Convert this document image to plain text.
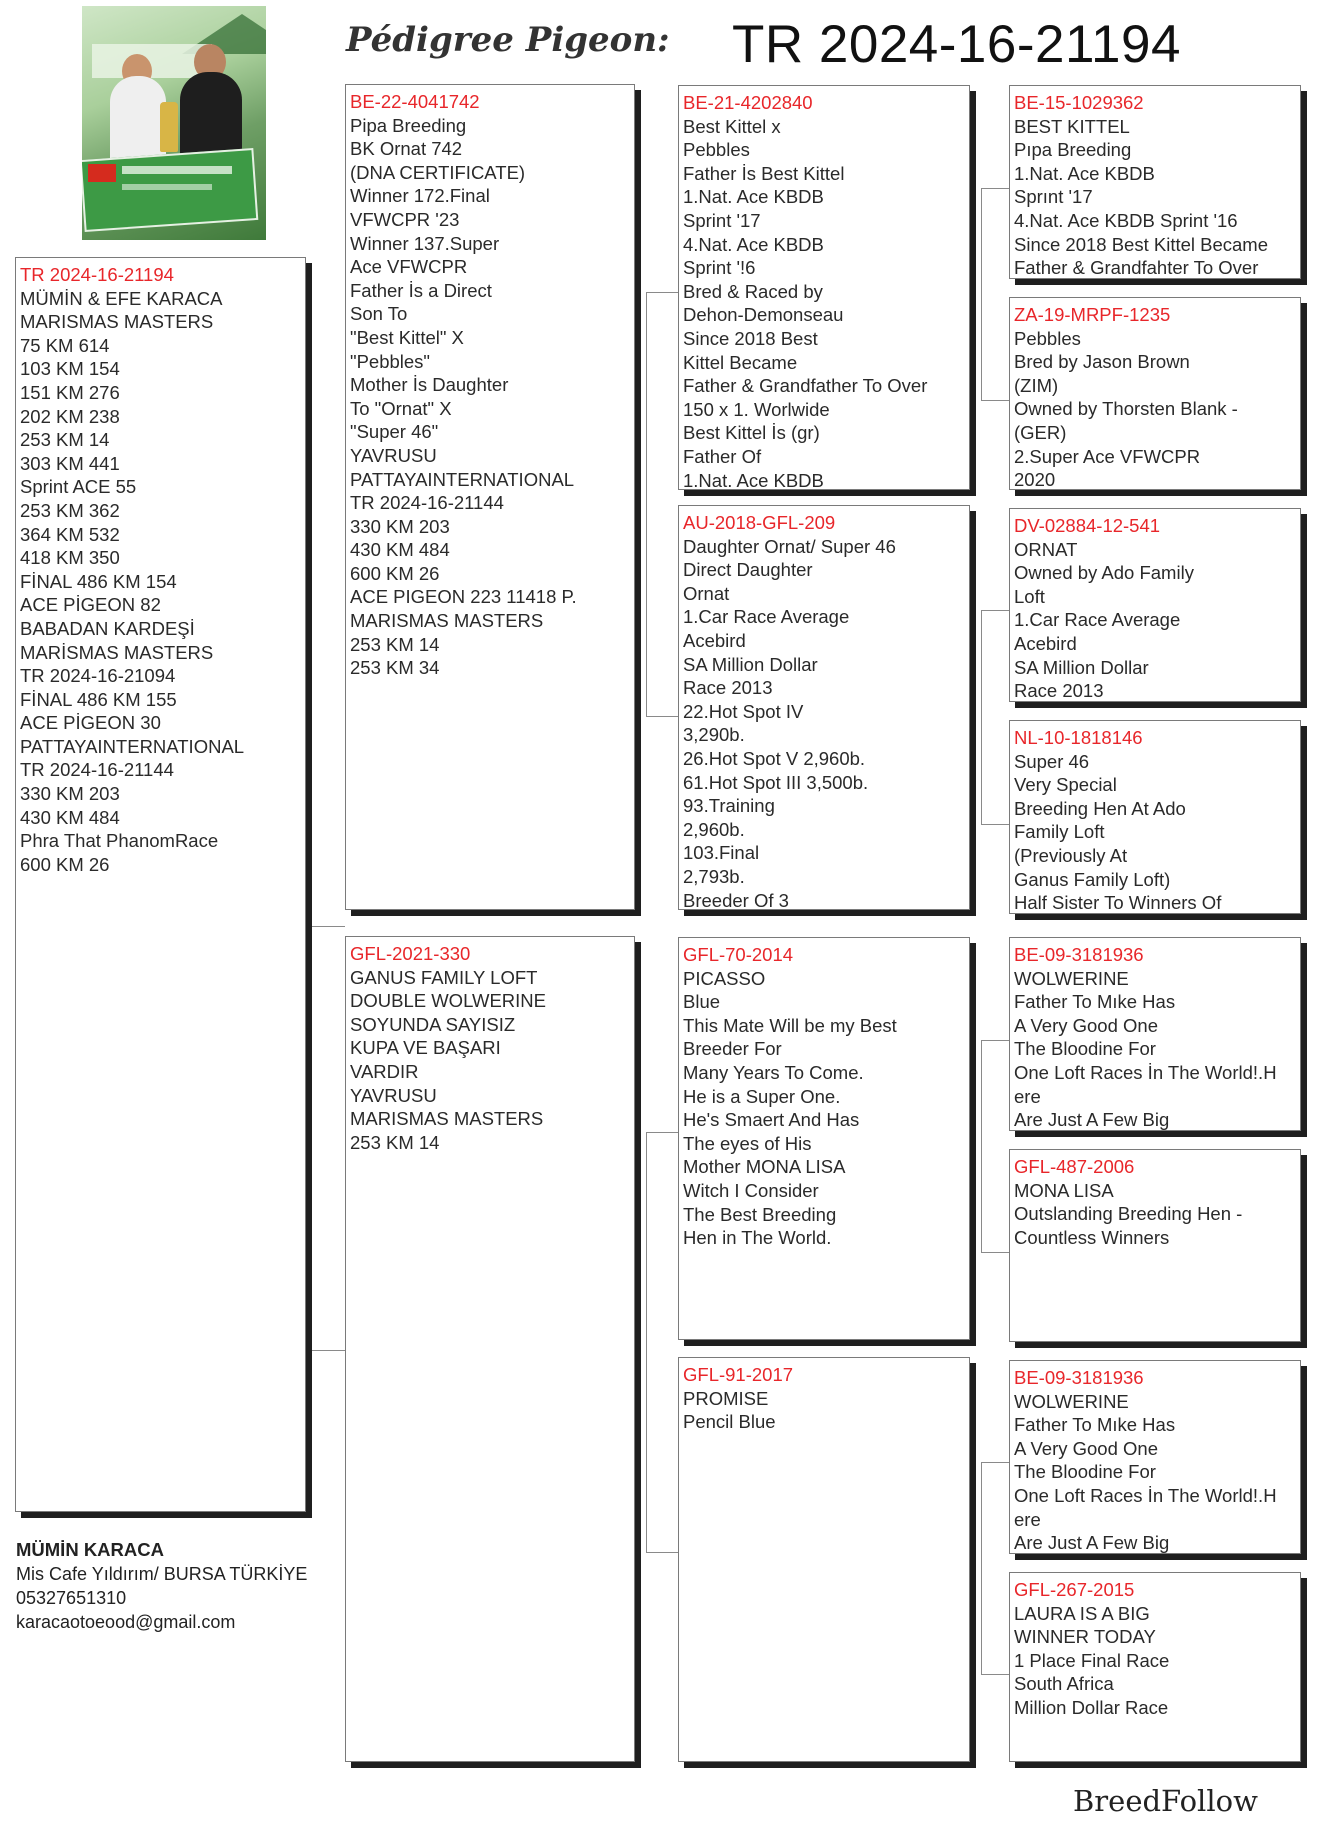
Pédigree Pigeon: TR 2024-16-21194
TR 2024-16-21194
MÜMİN & EFE KARACA
MARISMAS MASTERS
75 KM 614
103 KM 154
151 KM 276
202 KM 238
253 KM 14
303 KM 441
Sprint ACE 55
253 KM 362
364 KM 532
418 KM 350
FİNAL 486 KM 154
ACE PİGEON 82
BABADAN KARDEŞİ
MARİSMAS MASTERS
TR 2024-16-21094
FİNAL 486 KM 155
ACE PİGEON 30
PATTAYAINTERNATIONAL
TR 2024-16-21144
330 KM 203
430 KM 484
Phra That PhanomRace
600 KM 26
BE-22-4041742
Pipa Breeding
BK Ornat 742
(DNA CERTIFICATE)
Winner 172.Final
VFWCPR '23
Winner 137.Super
Ace VFWCPR
Father İs a Direct
Son To
"Best Kittel" X
"Pebbles"
Mother İs Daughter
To "Ornat" X
"Super 46"
YAVRUSU
PATTAYAINTERNATIONAL
TR 2024-16-21144
330 KM 203
430 KM 484
600 KM 26
ACE PIGEON 223 11418 P.
MARISMAS MASTERS
253 KM 14
253 KM 34
GFL-2021-330
GANUS FAMILY LOFT
DOUBLE WOLWERINE
SOYUNDA SAYISIZ
KUPA VE BAŞARI
VARDIR
YAVRUSU
MARISMAS MASTERS
253 KM 14
BE-21-4202840
Best Kittel x
Pebbles
Father İs Best Kittel
1.Nat. Ace KBDB
Sprint '17
4.Nat. Ace KBDB
Sprint '!6
Bred & Raced by
Dehon-Demonseau
Since 2018 Best
Kittel Became
Father & Grandfather To Over
150 x 1. Worlwide
Best Kittel İs (gr)
Father Of
1.Nat. Ace KBDB
AU-2018-GFL-209
Daughter Ornat/ Super 46
Direct Daughter
Ornat
1.Car Race Average
Acebird
SA Million Dollar
Race 2013
22.Hot Spot IV
3,290b.
26.Hot Spot V 2,960b.
61.Hot Spot III 3,500b.
93.Training
2,960b.
103.Final
2,793b.
Breeder Of 3
GFL-70-2014
PICASSO
Blue
This Mate Will be my Best
Breeder For
Many Years To Come.
He is a Super One.
He's Smaert And Has
The eyes of His
Mother MONA LISA
Witch I Consider
The Best Breeding
Hen in The World.
GFL-91-2017
PROMISE
Pencil Blue
BE-15-1029362
BEST KITTEL
Pıpa Breeding
1.Nat. Ace KBDB
Sprınt '17
4.Nat. Ace KBDB Sprint '16
Since 2018 Best Kittel Became
Father & Grandfahter To Over
ZA-19-MRPF-1235
Pebbles
Bred by Jason Brown
(ZIM)
Owned by Thorsten Blank -
(GER)
2.Super Ace VFWCPR
2020
DV-02884-12-541
ORNAT
Owned by Ado Family
Loft
1.Car Race Average
Acebird
SA Million Dollar
Race 2013
NL-10-1818146
Super 46
Very Special
Breeding Hen At Ado
Family Loft
(Previously At
Ganus Family Loft)
Half Sister To Winners Of
BE-09-3181936
WOLWERINE
Father To Mıke Has
A Very Good One
The Bloodine For
One Loft Races İn The World!.H
ere
Are Just A Few Big
GFL-487-2006
MONA LISA
Outslanding Breeding Hen -
Countless Winners
BE-09-3181936
WOLWERINE
Father To Mıke Has
A Very Good One
The Bloodine For
One Loft Races İn The World!.H
ere
Are Just A Few Big
GFL-267-2015
LAURA IS A BIG
WINNER TODAY
1 Place Final Race
South Africa
Million Dollar Race
MÜMİN KARACA
Mis Cafe Yıldırım/ BURSA TÜRKİYE
05327651310
karacaotoeood@gmail.com
BreedFollow
